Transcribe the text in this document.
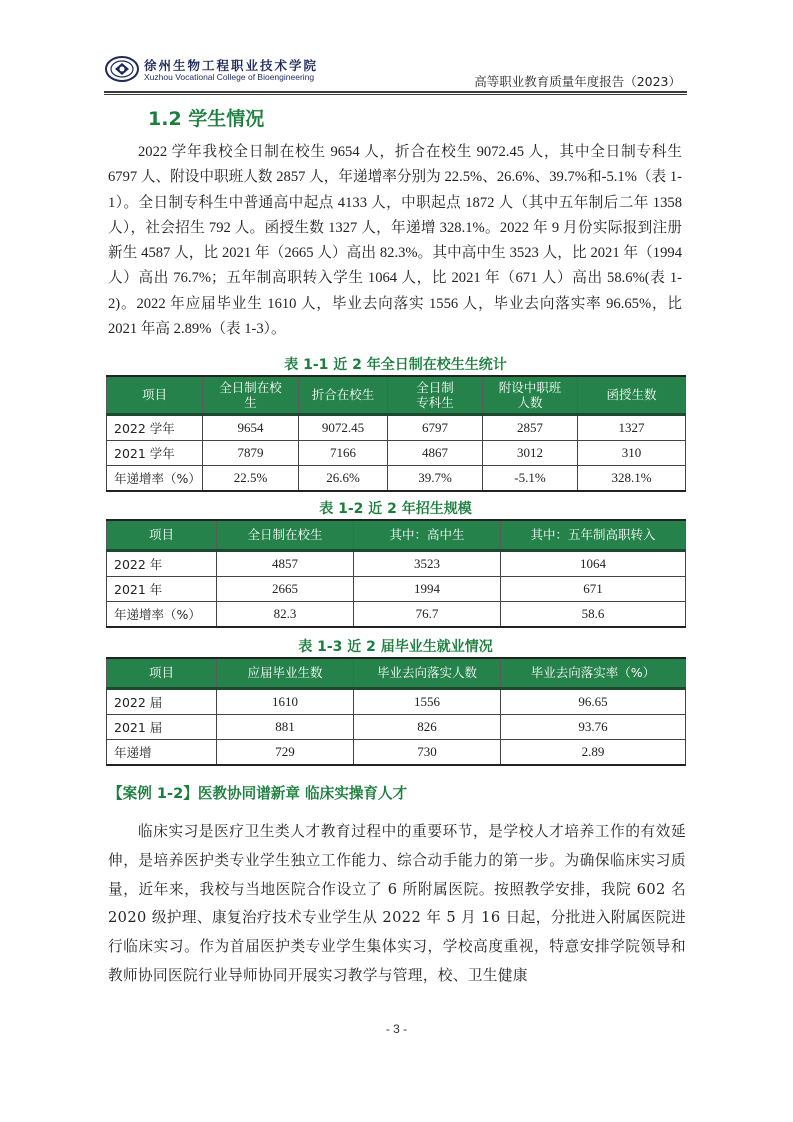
徐州生物工程职业技术学院
Xuzhou Vocational College of Bioengineering	高等职业教育质量年度报告（2023）
1.2 学生情况
2022 学年我校全日制在校生 9654 人，折合在校生 9072.45 人，其中全日制专科生 6797 人、附设中职班人数 2857 人，年递增率分别为 22.5%、26.6%、39.7%和-5.1%（表 1-1）。全日制专科生中普通高中起点 4133 人，中职起点 1872 人（其中五年制后二年 1358 人），社会招生 792 人。函授生数 1327 人，年递增 328.1%。2022 年 9 月份实际报到注册新生 4587 人，比 2021 年（2665 人）高出 82.3%。其中高中生 3523 人，比 2021 年（1994 人）高出 76.7%；五年制高职转入学生 1064 人，比 2021 年（671 人）高出 58.6%(表 1-2)。2022 年应届毕业生 1610 人，毕业去向落实 1556 人，毕业去向落实率 96.65%，比 2021 年高 2.89%（表 1-3）。
表 1-1 近 2 年全日制在校生生统计
项目	全日制在校生	折合在校生	全日制专科生	附设中职班人数	函授生数
2022 学年	9654	9072.45	6797	2857	1327
2021 学年	7879	7166	4867	3012	310
年递增率（%）	22.5%	26.6%	39.7%	-5.1%	328.1%
表 1-2 近 2 年招生规模
项目	全日制在校生	其中：高中生	其中：五年制高职转入
2022 年	4857	3523	1064
2021 年	2665	1994	671
年递增率（%）	82.3	76.7	58.6
表 1-3 近 2 届毕业生就业情况
项目	应届毕业生数	毕业去向落实人数	毕业去向落实率（%）
2022 届	1610	1556	96.65
2021 届	881	826	93.76
年递增	729	730	2.89
【案例 1-2】医教协同谱新章 临床实操育人才
临床实习是医疗卫生类人才教育过程中的重要环节，是学校人才培养工作的有效延伸，是培养医护类专业学生独立工作能力、综合动手能力的第一步。为确保临床实习质量，近年来，我校与当地医院合作设立了 6 所附属医院。按照教学安排，我院 602 名 2020 级护理、康复治疗技术专业学生从 2022 年 5 月 16 日起，分批进入附属医院进行临床实习。作为首届医护类专业学生集体实习，学校高度重视，特意安排学院领导和教师协同医院行业导师协同开展实习教学与管理，校、卫生健康
- 3 -
